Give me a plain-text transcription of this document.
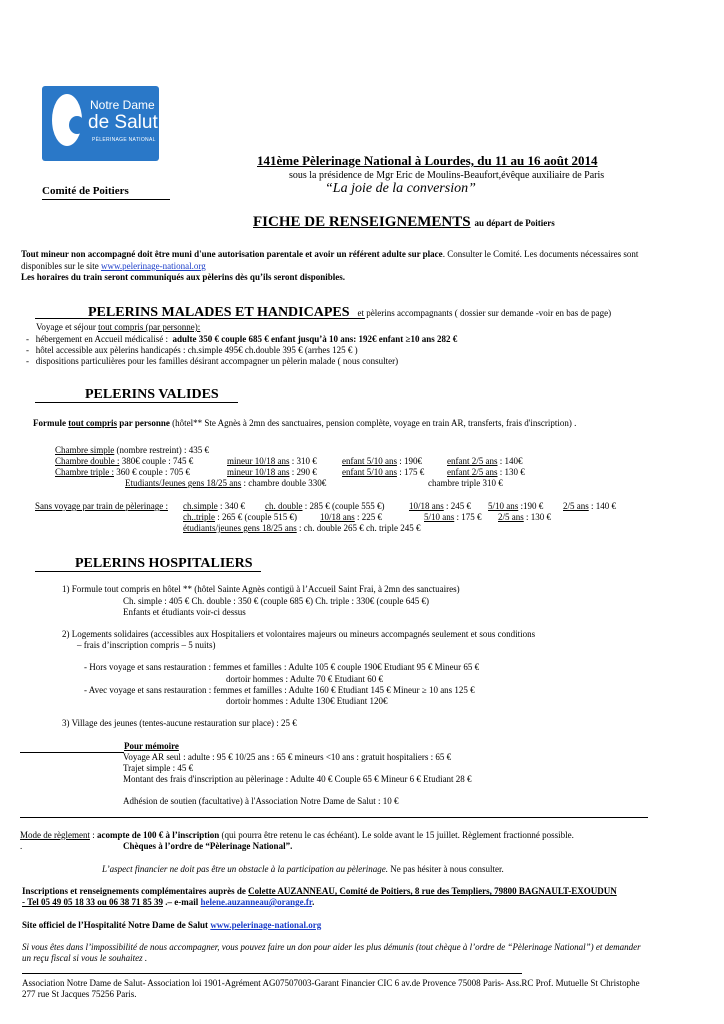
Notre Dame
de Salut
PÈLERINAGE NATIONAL
141ème Pèlerinage National à Lourdes, du 11 au 16 août 2014
sous la présidence de Mgr Eric de Moulins-Beaufort,évêque auxiliaire de Paris
Comité de Poitiers	“La joie de la conversion”
FICHE DE RENSEIGNEMENTS au départ de Poitiers
Tout mineur non accompagné doit être muni d'une autorisation parentale et avoir un référent adulte sur place. Consulter le Comité. Les documents nécessaires sont
disponibles sur le site www.pelerinage-national.org
Les horaires du train seront communiqués aux pèlerins dès qu’ils seront disponibles.
PELERINS MALADES ET HANDICAPES et pèlerins accompagnants ( dossier sur demande -voir en bas de page)
Voyage et séjour tout compris (par personne):
- hébergement en Accueil médicalisé : adulte 350 € couple 685 € enfant jusqu’à 10 ans: 192€ enfant ≥10 ans 282 €
- hôtel accessible aux pèlerins handicapés : ch.simple 495€ ch.double 395 € (arrhes 125 € )
- dispositions particulières pour les familles désirant accompagner un pèlerin malade ( nous consulter)
PELERINS VALIDES
Formule tout compris par personne (hôtel** Ste Agnès à 2mn des sanctuaires, pension complète, voyage en train AR, transferts, frais d'inscription) .
Chambre simple (nombre restreint) : 435 €
Chambre double : 380€ couple : 745 €	mineur 10/18 ans : 310 €	enfant 5/10 ans : 190€	enfant 2/5 ans : 140€
Chambre triple : 360 € couple : 705 €	mineur 10/18 ans : 290 €	enfant 5/10 ans : 175 €	enfant 2/5 ans : 130 €
Etudiants/Jeunes gens 18/25 ans : chambre double 330€	chambre triple 310 €
Sans voyage par train de pèlerinage : ch.simple : 340 € ch. double : 285 € (couple 555 €)	10/18 ans : 245 € 5/10 ans :190 € 2/5 ans : 140 €
ch..triple : 265 € (couple 515 €)	10/18 ans : 225 €	5/10 ans : 175 € 2/5 ans : 130 €
étudiants/jeunes gens 18/25 ans : ch. double 265 € ch. triple 245 €
PELERINS HOSPITALIERS
1) Formule tout compris en hôtel ** (hôtel Sainte Agnès contigü à l’Accueil Saint Frai, à 2mn des sanctuaires)
Ch. simple : 405 € Ch. double : 350 € (couple 685 €) Ch. triple : 330€ (couple 645 €)
Enfants et étudiants voir-ci dessus
2) Logements solidaires (accessibles aux Hospitaliers et volontaires majeurs ou mineurs accompagnés seulement et sous conditions
– frais d’inscription compris – 5 nuits)
- Hors voyage et sans restauration : femmes et familles : Adulte 105 € couple 190€ Etudiant 95 € Mineur 65 €
dortoir hommes : Adulte 70 € Etudiant 60 €
- Avec voyage et sans restauration : femmes et familles : Adulte 160 € Etudiant 145 € Mineur ≥ 10 ans 125 €
dortoir hommes : Adulte 130€ Etudiant 120€
3) Village des jeunes (tentes-aucune restauration sur place) : 25 €
Pour mémoire
Voyage AR seul : adulte : 95 € 10/25 ans : 65 € mineurs <10 ans : gratuit hospitaliers : 65 €
Trajet simple : 45 €
Montant des frais d'inscription au pèlerinage : Adulte 40 € Couple 65 € Mineur 6 € Etudiant 28 €
Adhésion de soutien (facultative) à l'Association Notre Dame de Salut : 10 €
Mode de règlement : acompte de 100 € à l’inscription (qui pourra être retenu le cas échéant). Le solde avant le 15 juillet. Règlement fractionné possible.
.	Chèques à l’ordre de “Pèlerinage National”.
L’aspect financier ne doit pas être un obstacle à la participation au pèlerinage. Ne pas hésiter à nous consulter.
Inscriptions et renseignements complémentaires auprès de Colette AUZANNEAU, Comité de Poitiers, 8 rue des Templiers, 79800 BAGNAULT-EXOUDUN
- Tel 05 49 05 18 33 ou 06 38 71 85 39 .– e-mail helene.auzanneau@orange.fr.
Site officiel de l’Hospitalité Notre Dame de Salut www.pelerinage-national.org
Si vous êtes dans l’impossibilité de nous accompagner, vous pouvez faire un don pour aider les plus démunis (tout chèque à l’ordre de “Pèlerinage National”) et demander
un reçu fiscal si vous le souhaitez .
Association Notre Dame de Salut- Association loi 1901-Agrément AG07507003-Garant Financier CIC 6 av.de Provence 75008 Paris- Ass.RC Prof. Mutuelle St Christophe
277 rue St Jacques 75256 Paris.
